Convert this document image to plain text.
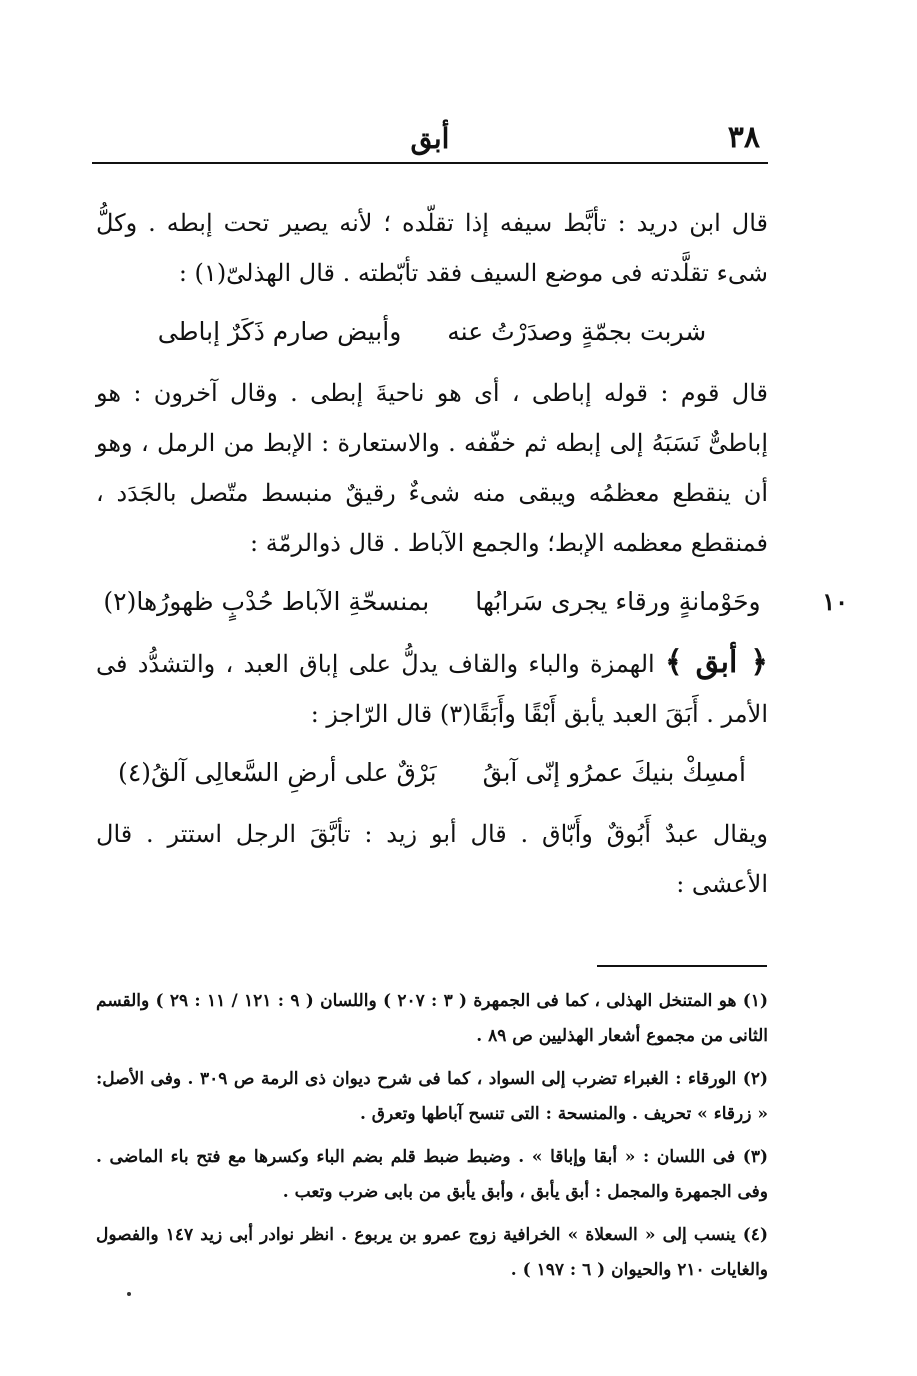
٣٨
أبق

قال ابن دريد : تأبَّط سيفه إذا تقلّده ؛ لأنه يصير تحت إبطه . وكلُّ شىء تقلَّدته فى موضع السيف فقد تأبّطته . قال الهذلىّ(١) :

شربت بجمّةٍ وصدَرْتُ عنه
وأبيض صارم ذَكَرٌ إباطى

قال قوم : قوله إباطى ، أى هو ناحيةَ إبطى . وقال آخرون : هو إباطىٌّ نَسَبَهُ إلى إبطه ثم خفّفه . والاستعارة : الإبط من الرمل ، وهو أن ينقطع معظمُه ويبقى منه شىءٌ رقيقٌ منبسط متّصل بالجَدَد ، فمنقطع معظمه الإبط؛ والجمع الآباط . قال ذوالرمّة :

١٠
وحَوْمانةٍ ورقاء يجرى سَرابُها
بمنسحّةِ الآباط حُدْبٍ ظهورُها(٢)

﴿ أبق ﴾ الهمزة والباء والقاف يدلُّ على إباق العبد ، والتشدُّد فى الأمر . أَبَقَ العبد يأبق أَبْقًا وأَبَقًا(٣) قال الرّاجز :

أمسِكْ بنيكَ عمرُو إنّى آبقُ
بَرْقٌ على أرضِ السَّعالِى آلقُ(٤)

ويقال عبدٌ أَبُوقٌ وأَبّاق . قال أبو زيد : تأبَّقَ الرجل استتر . قال الأعشى :

(١) هو المتنخل الهذلى ، كما فى الجمهرة ( ٣ : ٢٠٧ ) واللسان ( ٩ : ١٢١ / ١١ : ٢٩ ) والقسم الثانى من مجموع أشعار الهذليين ص ٨٩ .

(٢) الورقاء : الغبراء تضرب إلى السواد ، كما فى شرح ديوان ذى الرمة ص ٣٠٩ . وفى الأصل: « زرقاء » تحريف . والمنسحة : التى تنسح آباطها وتعرق .

(٣) فى اللسان : « أبقا وإباقا » . وضبط ضبط قلم بضم الباء وكسرها مع فتح باء الماضى . وفى الجمهرة والمجمل : أبق يأبق ، وأبق يأبق من بابى ضرب وتعب .

(٤) ينسب إلى « السعلاة » الخرافية زوج عمرو بن يربوع . انظر نوادر أبى زيد ١٤٧ والفصول والغايات ٢١٠ والحيوان ( ٦ : ١٩٧ ) .
